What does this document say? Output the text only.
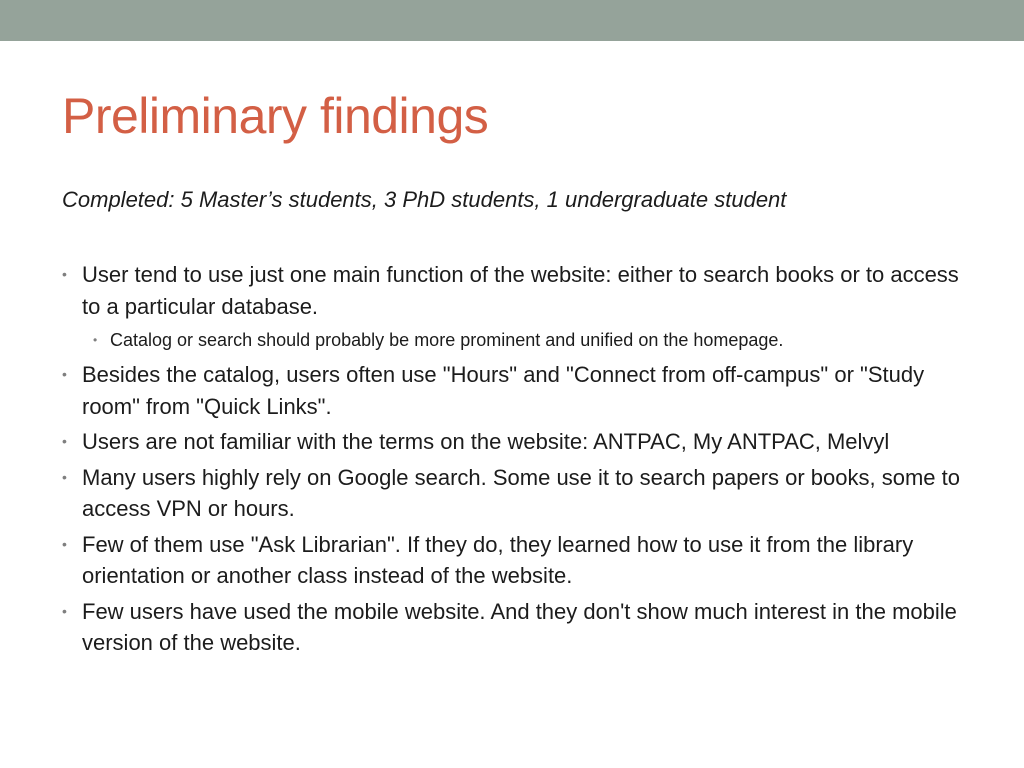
Preliminary findings
Completed: 5 Master’s students, 3 PhD students, 1 undergraduate student
• User tend to use just one main function of the website: either to search books or to access to a particular database.
• Catalog or search should probably be more prominent and unified on the homepage.
• Besides the catalog, users often use "Hours" and "Connect from off-campus" or "Study room" from "Quick Links".
• Users are not familiar with the terms on the website: ANTPAC, My ANTPAC, Melvyl
• Many users highly rely on Google search. Some use it to search papers or books, some to access VPN or hours.
• Few of them use "Ask Librarian". If they do, they learned how to use it from the library orientation or another class instead of the website.
• Few users have used the mobile website. And they don't show much interest in the mobile version of the website.
